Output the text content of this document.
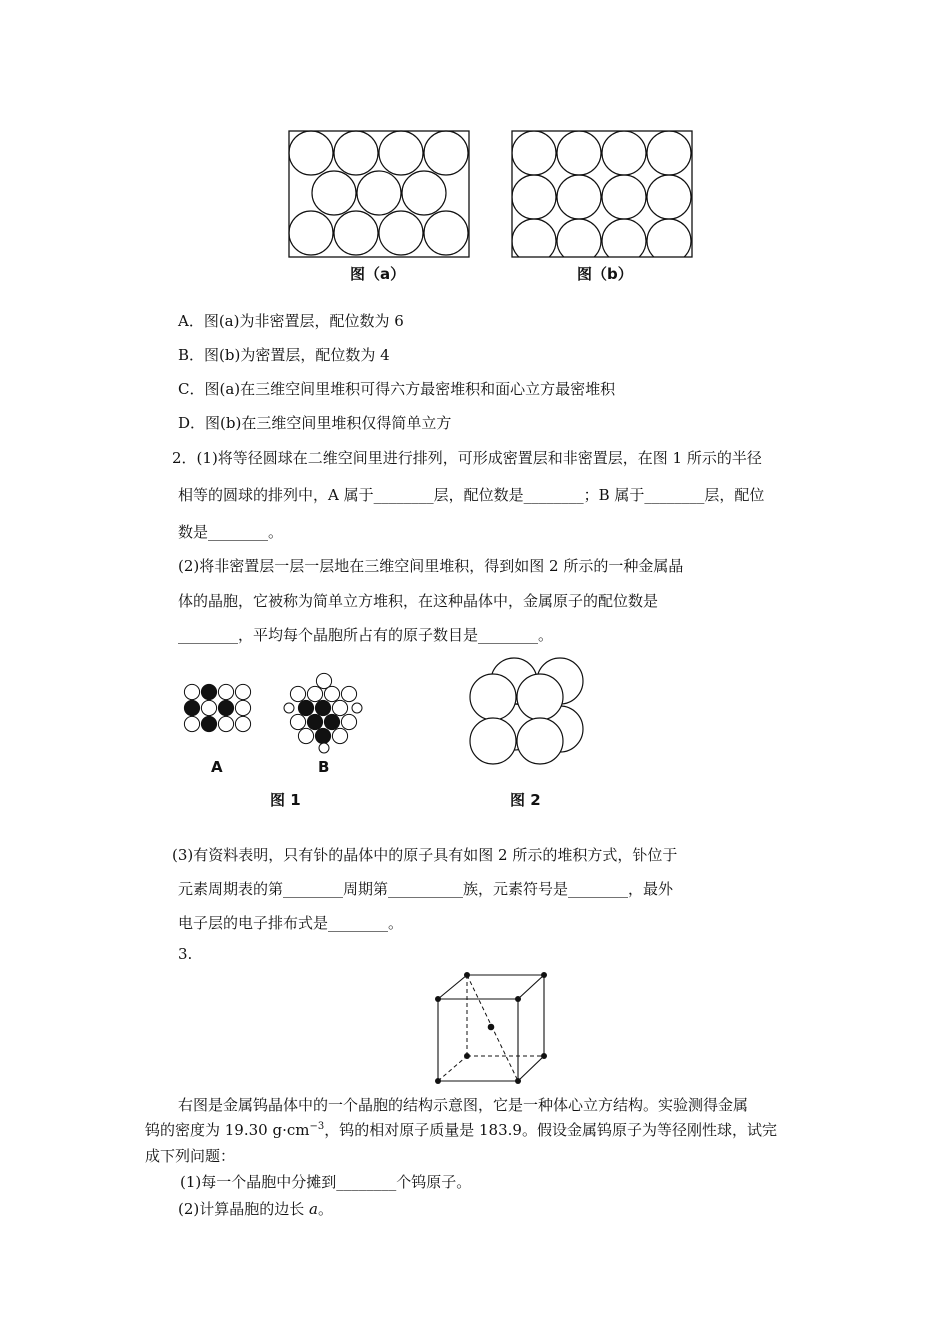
图（a）	图（b）
A．图(a)为非密置层，配位数为 6
B．图(b)为密置层，配位数为 4
C．图(a)在三维空间里堆积可得六方最密堆积和面心立方最密堆积
D．图(b)在三维空间里堆积仅得简单立方
2．(1)将等径圆球在二维空间里进行排列，可形成密置层和非密置层，在图 1 所示的半径
相等的圆球的排列中，A 属于________层，配位数是________；B 属于________层，配位
数是________。
(2)将非密置层一层一层地在三维空间里堆积，得到如图 2 所示的一种金属晶
体的晶胞，它被称为简单立方堆积，在这种晶体中，金属原子的配位数是
________，平均每个晶胞所占有的原子数目是________。
A	B
图 1	图 2
(3)有资料表明，只有钋的晶体中的原子具有如图 2 所示的堆积方式，钋位于
元素周期表的第________周期第__________族，元素符号是________，最外
电子层的电子排布式是________。
3.
右图是金属钨晶体中的一个晶胞的结构示意图，它是一种体心立方结构。实验测得金属
钨的密度为 19.30 $g\cdot cm^{-3}$，钨的相对原子质量是 183.9。假设金属钨原子为等径刚性球，试完
成下列问题：
(1)每一个晶胞中分摊到________个钨原子。
(2)计算晶胞的边长 a。
